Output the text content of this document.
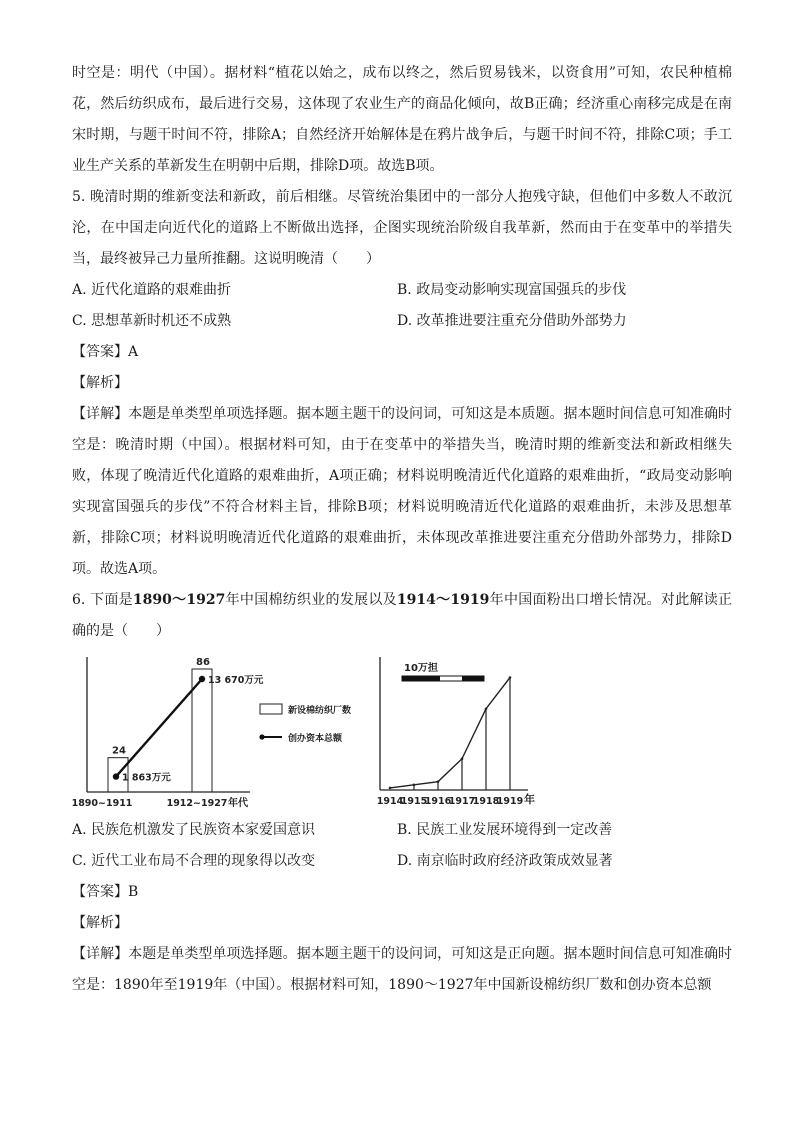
时空是：明代（中国）。据材料“植花以始之，成布以终之，然后贸易钱米，以资食用”可知，农民种植棉花，然后纺织成布，最后进行交易，这体现了农业生产的商品化倾向，故B正确；经济重心南移完成是在南宋时期，与题干时间不符，排除A；自然经济开始解体是在鸦片战争后，与题干时间不符，排除C项；手工业生产关系的革新发生在明朝中后期，排除D项。故选B项。

5. 晚清时期的维新变法和新政，前后相继。尽管统治集团中的一部分人抱残守缺，但他们中多数人不敢沉沦，在中国走向近代化的道路上不断做出选择，企图实现统治阶级自我革新，然而由于在变革中的举措失当，最终被异己力量所推翻。这说明晚清（　　）

A. 近代化道路的艰难曲折	B. 政局变动影响实现富国强兵的步伐
C. 思想革新时机还不成熟	D. 改革推进要注重充分借助外部势力

【答案】A

【解析】

【详解】本题是单类型单项选择题。据本题主题干的设问词，可知这是本质题。据本题时间信息可知准确时空是：晚清时期（中国）。根据材料可知，由于在变革中的举措失当，晚清时期的维新变法和新政相继失败，体现了晚清近代化道路的艰难曲折，A项正确；材料说明晚清近代化道路的艰难曲折，“政局变动影响实现富国强兵的步伐”不符合材料主旨，排除B项；材料说明晚清近代化道路的艰难曲折，未涉及思想革新，排除C项；材料说明晚清近代化道路的艰难曲折，未体现改革推进要注重充分借助外部势力，排除D项。故选A项。

6. 下面是1890～1927年中国棉纺织业的发展以及1914～1919年中国面粉出口增长情况。对此解读正确的是（　　）

24
1890~1911
86
1912~1927
1 863万元
13 670万元
年代
新设棉纺织厂数
创办资本总额
10万担
1914
1915
1916
1917
1918
1919 年
A. 民族危机激发了民族资本家爱国意识	B. 民族工业发展环境得到一定改善
C. 近代工业布局不合理的现象得以改变	D. 南京临时政府经济政策成效显著

【答案】B

【解析】

【详解】本题是单类型单项选择题。据本题主题干的设问词，可知这是正向题。据本题时间信息可知准确时空是：1890年至1919年（中国）。根据材料可知，1890～1927年中国新设棉纺织厂数和创办资本总额
